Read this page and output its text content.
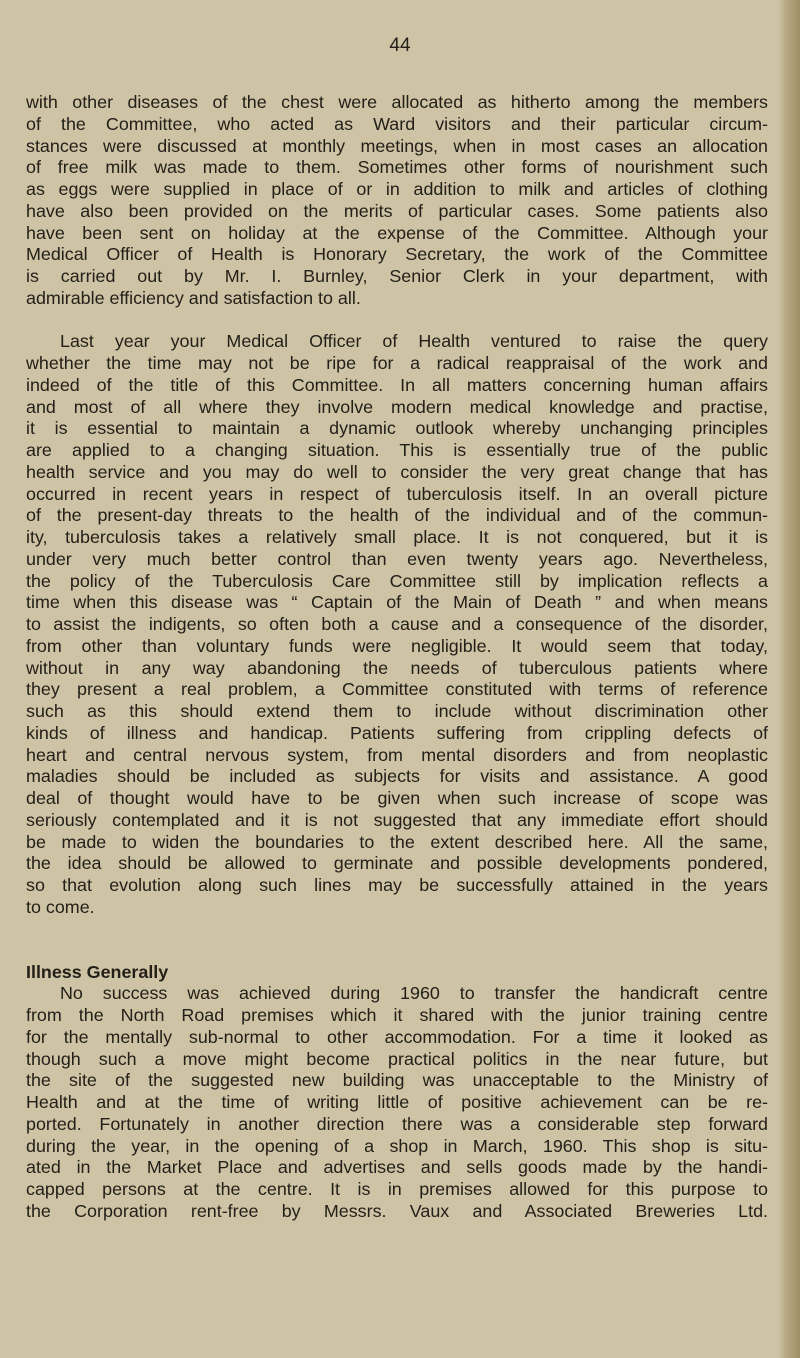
44
with other diseases of the chest were allocated as hitherto among the members
of the Committee, who acted as Ward visitors and their particular circum-
stances were discussed at monthly meetings, when in most cases an allocation
of free milk was made to them. Sometimes other forms of nourishment such
as eggs were supplied in place of or in addition to milk and articles of clothing
have also been provided on the merits of particular cases. Some patients also
have been sent on holiday at the expense of the Committee. Although your
Medical Officer of Health is Honorary Secretary, the work of the Committee
is carried out by Mr. I. Burnley, Senior Clerk in your department, with
admirable efficiency and satisfaction to all.
Last year your Medical Officer of Health ventured to raise the query
whether the time may not be ripe for a radical reappraisal of the work and
indeed of the title of this Committee. In all matters concerning human affairs
and most of all where they involve modern medical knowledge and practise,
it is essential to maintain a dynamic outlook whereby unchanging principles
are applied to a changing situation. This is essentially true of the public
health service and you may do well to consider the very great change that has
occurred in recent years in respect of tuberculosis itself. In an overall picture
of the present-day threats to the health of the individual and of the commun-
ity, tuberculosis takes a relatively small place. It is not conquered, but it is
under very much better control than even twenty years ago. Nevertheless,
the policy of the Tuberculosis Care Committee still by implication reflects a
time when this disease was “ Captain of the Main of Death ” and when means
to assist the indigents, so often both a cause and a consequence of the disorder,
from other than voluntary funds were negligible. It would seem that today,
without in any way abandoning the needs of tuberculous patients where
they present a real problem, a Committee constituted with terms of reference
such as this should extend them to include without discrimination other
kinds of illness and handicap. Patients suffering from crippling defects of
heart and central nervous system, from mental disorders and from neoplastic
maladies should be included as subjects for visits and assistance. A good
deal of thought would have to be given when such increase of scope was
seriously contemplated and it is not suggested that any immediate effort should
be made to widen the boundaries to the extent described here. All the same,
the idea should be allowed to germinate and possible developments pondered,
so that evolution along such lines may be successfully attained in the years
to come.
Illness Generally
No success was achieved during 1960 to transfer the handicraft centre
from the North Road premises which it shared with the junior training centre
for the mentally sub-normal to other accommodation. For a time it looked as
though such a move might become practical politics in the near future, but
the site of the suggested new building was unacceptable to the Ministry of
Health and at the time of writing little of positive achievement can be re-
ported. Fortunately in another direction there was a considerable step forward
during the year, in the opening of a shop in March, 1960. This shop is situ-
ated in the Market Place and advertises and sells goods made by the handi-
capped persons at the centre. It is in premises allowed for this purpose to
the Corporation rent-free by Messrs. Vaux and Associated Breweries Ltd.
